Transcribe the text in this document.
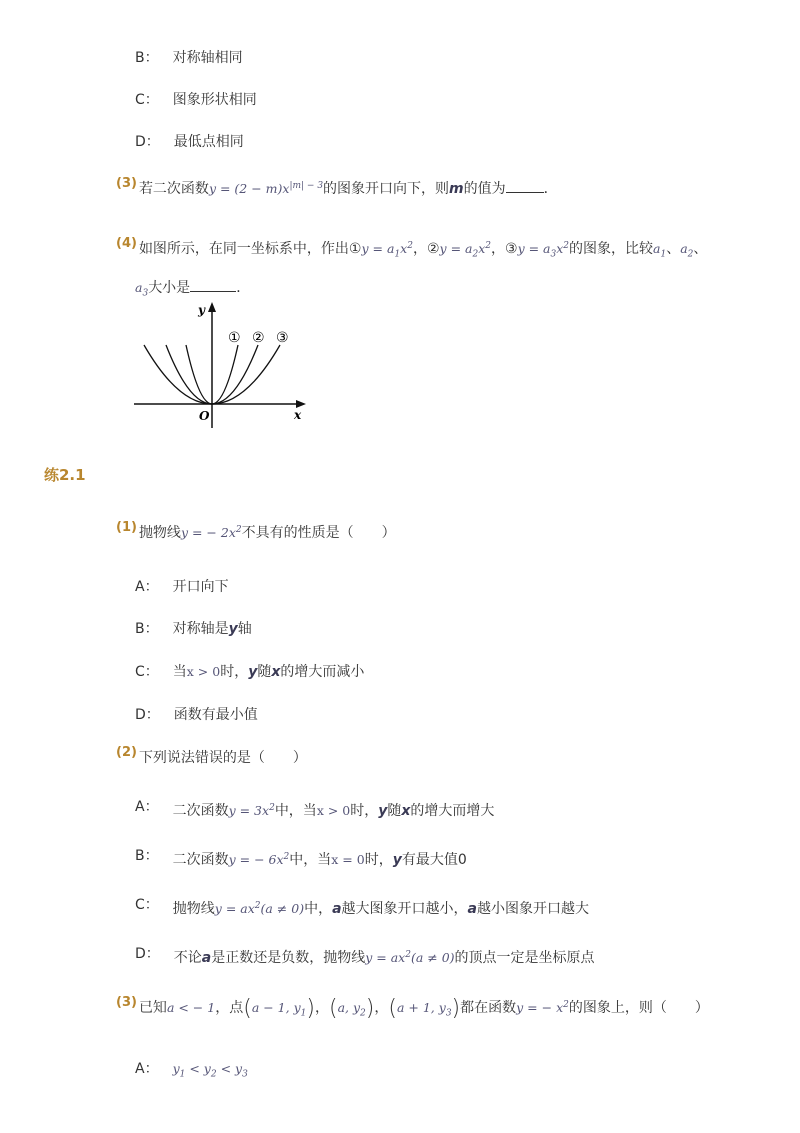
B： 对称轴相同
C： 图象形状相同
D： 最低点相同
(3) 若二次函数$y = (2 - m)x^{|m| - 3}$的图象开口向下，则m的值为	．
(4) 如图所示，在同一坐标系中，作出①y = $a_1x^2$，②y = $a_2x^2$，③y = $a_3x^2$的图象，比较$a_1$、$a_2$、
$a_3$大小是	．
y
x
O
① ② ③
练2.1
(1) 抛物线y = − $2x^2$不具有的性质是（　　）
A： 开口向下
B： 对称轴是y轴
C： 当x > 0时，y随x的增大而减小
D： 函数有最小值
(2) 下列说法错误的是（　　）
A： 二次函数$y = 3x^2$中，当x > 0时，y随x的增大而增大
B： 二次函数y = − $6x^2$中，当x = 0时，y有最大值0
C： 抛物线$y = ax^2(a \ne 0)$中，a越大图象开口越小，a越小图象开口越大
D： 不论a是正数还是负数，抛物线$y = ax^2(a \ne 0)$的顶点一定是坐标原点
(3) 已知a < − 1，点(a − 1, $y_1$)，(a, $y_2$)，(a + 1, $y_3$)都在函数y = − $x^2$的图象上，则（　　）
A： $y_1 < y_2 < y_3$
